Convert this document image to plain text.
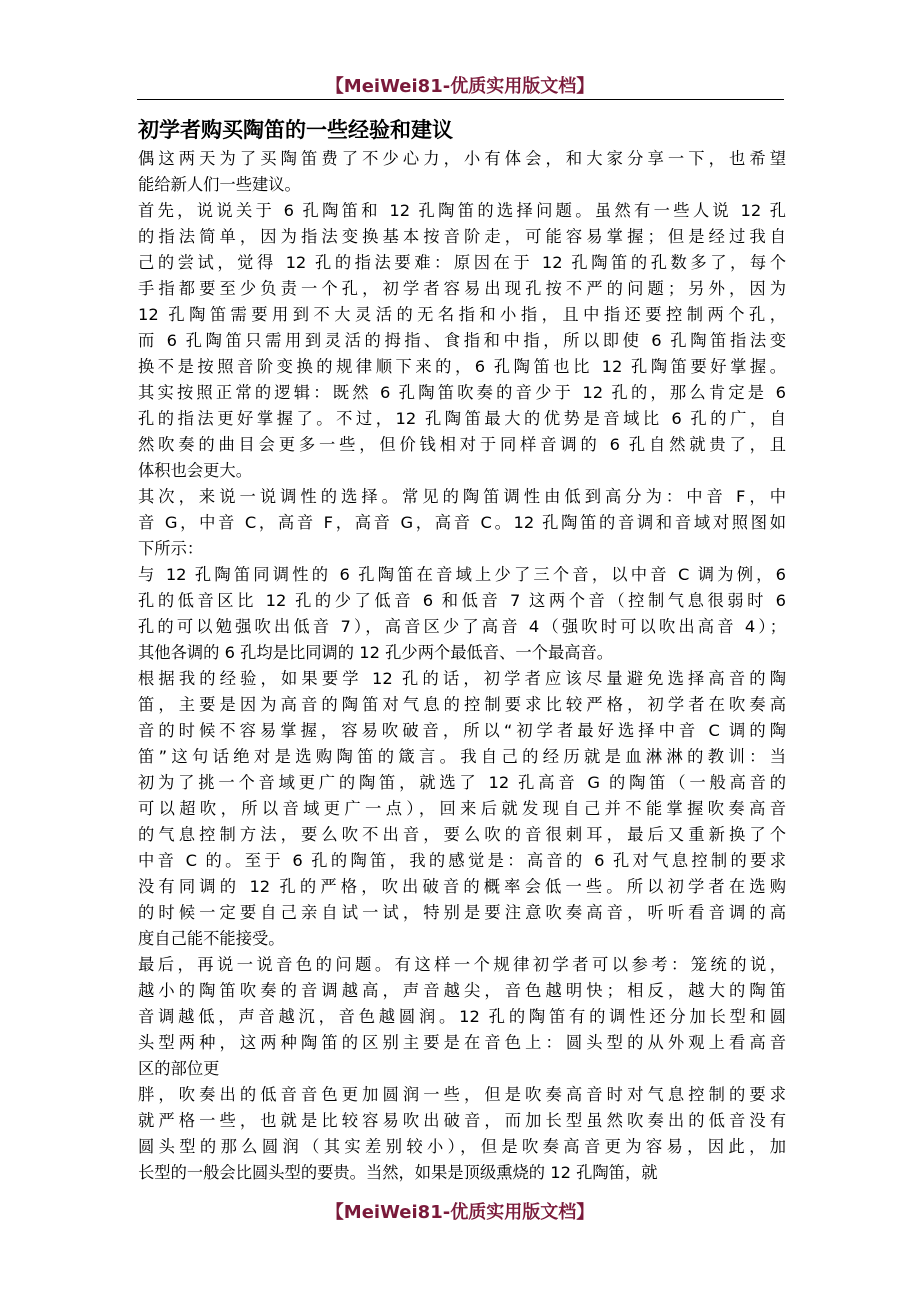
【MeiWei81-优质实用版文档】
初学者购买陶笛的一些经验和建议
偶这两天为了买陶笛费了不少心力，小有体会，和大家分享一下，也希望
能给新人们一些建议。
首先，说说关于 6 孔陶笛和 12 孔陶笛的选择问题。虽然有一些人说 12 孔
的指法简单，因为指法变换基本按音阶走，可能容易掌握；但是经过我自
己的尝试，觉得 12 孔的指法要难：原因在于 12 孔陶笛的孔数多了，每个
手指都要至少负责一个孔，初学者容易出现孔按不严的问题；另外，因为
12 孔陶笛需要用到不大灵活的无名指和小指，且中指还要控制两个孔，
而 6 孔陶笛只需用到灵活的拇指、食指和中指，所以即使 6 孔陶笛指法变
换不是按照音阶变换的规律顺下来的，6 孔陶笛也比 12 孔陶笛要好掌握。
其实按照正常的逻辑：既然 6 孔陶笛吹奏的音少于 12 孔的，那么肯定是 6
孔的指法更好掌握了。不过，12 孔陶笛最大的优势是音域比 6 孔的广，自
然吹奏的曲目会更多一些，但价钱相对于同样音调的 6 孔自然就贵了，且
体积也会更大。
其次，来说一说调性的选择。常见的陶笛调性由低到高分为：中音 F，中
音 G，中音 C，高音 F，高音 G，高音 C。12 孔陶笛的音调和音域对照图如
下所示：
与 12 孔陶笛同调性的 6 孔陶笛在音域上少了三个音，以中音 C 调为例，6
孔的低音区比 12 孔的少了低音 6 和低音 7 这两个音（控制气息很弱时 6
孔的可以勉强吹出低音 7），高音区少了高音 4（强吹时可以吹出高音 4）；
其他各调的 6 孔均是比同调的 12 孔少两个最低音、一个最高音。
根据我的经验，如果要学 12 孔的话，初学者应该尽量避免选择高音的陶
笛，主要是因为高音的陶笛对气息的控制要求比较严格，初学者在吹奏高
音的时候不容易掌握，容易吹破音，所以“初学者最好选择中音 C 调的陶
笛”这句话绝对是选购陶笛的箴言。我自己的经历就是血淋淋的教训：当
初为了挑一个音域更广的陶笛，就选了 12 孔高音 G 的陶笛（一般高音的
可以超吹，所以音域更广一点），回来后就发现自己并不能掌握吹奏高音
的气息控制方法，要么吹不出音，要么吹的音很刺耳，最后又重新换了个
中音 C 的。至于 6 孔的陶笛，我的感觉是：高音的 6 孔对气息控制的要求
没有同调的 12 孔的严格，吹出破音的概率会低一些。所以初学者在选购
的时候一定要自己亲自试一试，特别是要注意吹奏高音，听听看音调的高
度自己能不能接受。
最后，再说一说音色的问题。有这样一个规律初学者可以参考：笼统的说，
越小的陶笛吹奏的音调越高，声音越尖，音色越明快；相反，越大的陶笛
音调越低，声音越沉，音色越圆润。12 孔的陶笛有的调性还分加长型和圆
头型两种，这两种陶笛的区别主要是在音色上：圆头型的从外观上看高音
区的部位更
胖，吹奏出的低音音色更加圆润一些，但是吹奏高音时对气息控制的要求
就严格一些，也就是比较容易吹出破音，而加长型虽然吹奏出的低音没有
圆头型的那么圆润（其实差别较小），但是吹奏高音更为容易，因此，加
长型的一般会比圆头型的要贵。当然，如果是顶级熏烧的 12 孔陶笛，就
【MeiWei81-优质实用版文档】
